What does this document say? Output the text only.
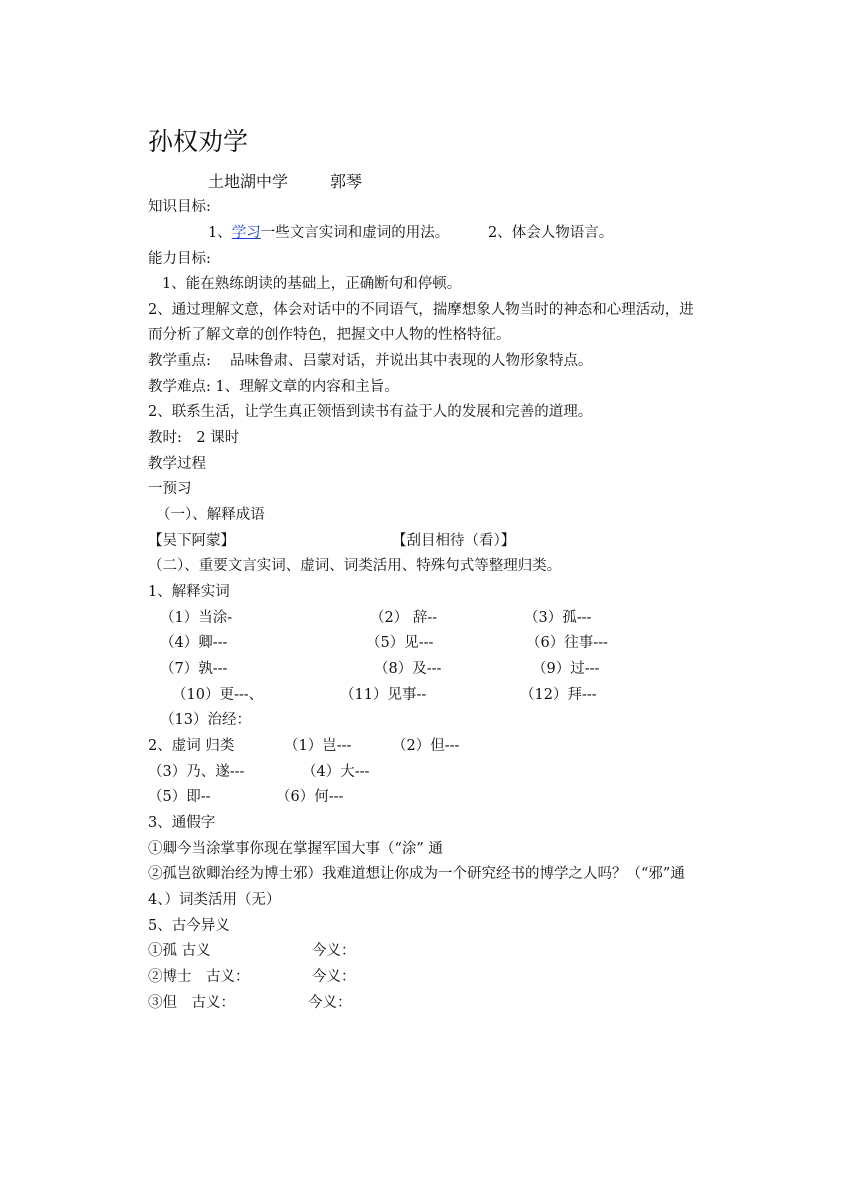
孙权劝学
土地湖中学	郭琴
知识目标:
1、学习一些文言实词和虚词的用法。	2、体会人物语言。
能力目标:
1、能在熟练朗读的基础上，正确断句和停顿。
2、通过理解文意，体会对话中的不同语气，揣摩想象人物当时的神态和心理活动，进
而分析了解文章的创作特色，把握文中人物的性格特征。
教学重点:　 品味鲁肃、吕蒙对话，并说出其中表现的人物形象特点。
教学难点: 1、理解文章的内容和主旨。
2、联系生活，让学生真正领悟到读书有益于人的发展和完善的道理。
教时:　2 课时
教学过程
一预习
（一）、解释成语
【吴下阿蒙】	【刮目相待（看）】
（二）、重要文言实词、虚词、词类活用、特殊句式等整理归类。
1、解释实词
（1）当涂-	（2） 辞--	（3）孤---
（4）卿---	（5）见---	（6）往事---
（7）孰---	（8）及---	（9）过---
（10）更---、	（11）见事--	（12）拜---
（13）治经：
2、虚词 归类	（1）岂---	（2）但---
（3）乃、遂---	（4）大---
（5）即--	（6）何---
3、通假字
①卿今当涂掌事你现在掌握军国大事（“涂” 通
②孤岂欲卿治经为博士邪）我难道想让你成为一个研究经书的博学之人吗？（“邪”通
4、）词类活用（无）
5、古今异义
①孤 古义	今义：
②博士　古义：	今义：
③但　古义：	今义：
